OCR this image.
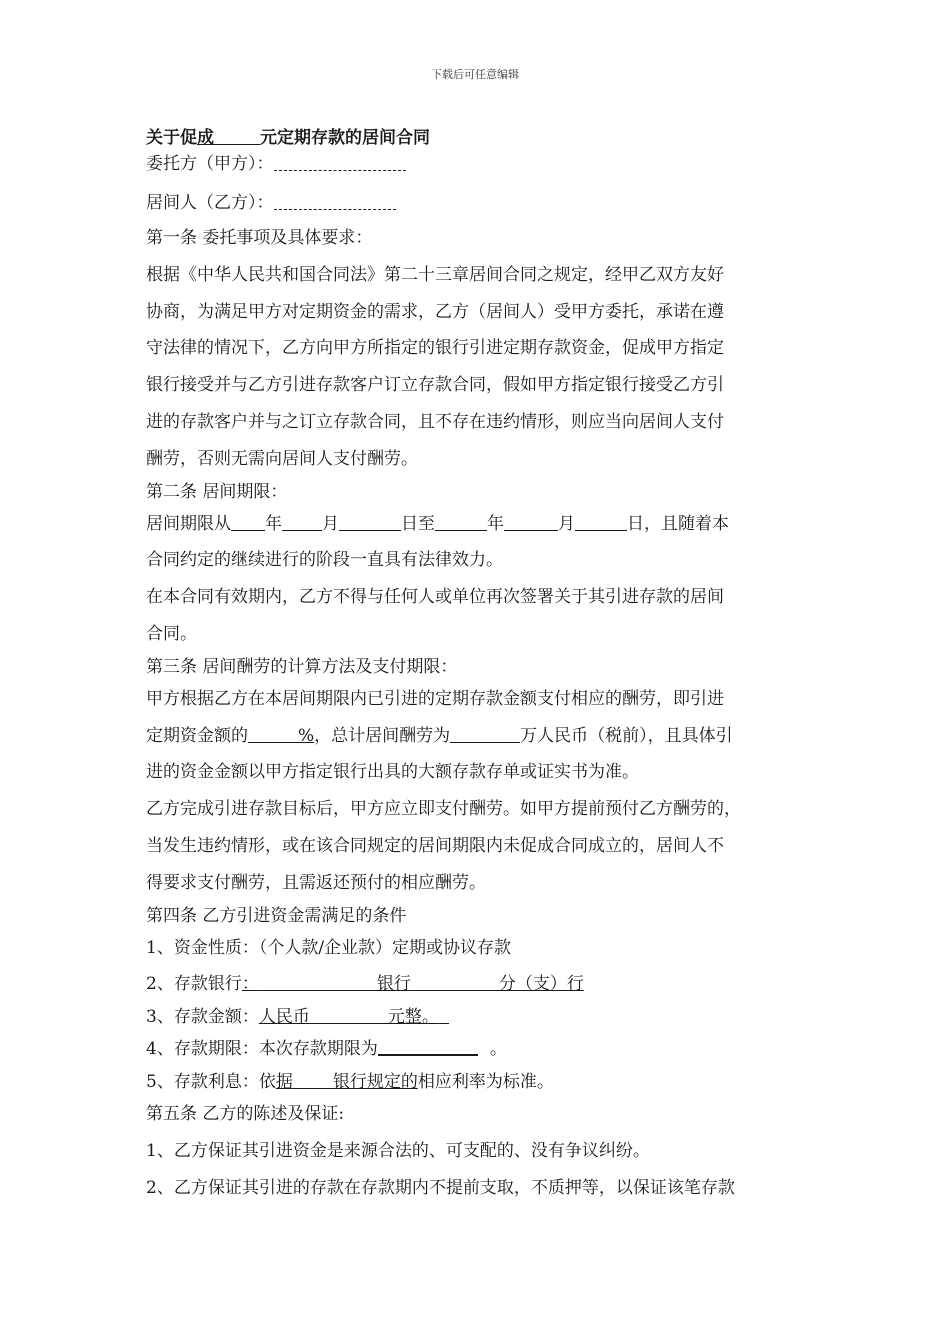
下载后可任意编辑
关于促成	元定期存款的居间合同
委托方（甲方）：
居间人（乙方）：
第一条 委托事项及具体要求：
根据《中华人民共和国合同法》第二十三章居间合同之规定，经甲乙双方友好
协商，为满足甲方对定期资金的需求，乙方（居间人）受甲方委托，承诺在遵
守法律的情况下，乙方向甲方所指定的银行引进定期存款资金，促成甲方指定
银行接受并与乙方引进存款客户订立存款合同，假如甲方指定银行接受乙方引
进的存款客户并与之订立存款合同，且不存在违约情形，则应当向居间人支付
酬劳，否则无需向居间人支付酬劳。
第二条 居间期限：
居间期限从 年 月	日至	年	月	日，且随着本
合同约定的继续进行的阶段一直具有法律效力。
在本合同有效期内，乙方不得与任何人或单位再次签署关于其引进存款的居间
合同。
第三条 居间酬劳的计算方法及支付期限：
甲方根据乙方在本居间期限内已引进的定期存款金额支付相应的酬劳，即引进
定期资金额的	%，总计居间酬劳为	万人民币（税前），且具体引
进的资金金额以甲方指定银行出具的大额存款存单或证实书为准。
乙方完成引进存款目标后，甲方应立即支付酬劳。如甲方提前预付乙方酬劳的，
当发生违约情形，或在该合同规定的居间期限内未促成合同成立的，居间人不
得要求支付酬劳，且需返还预付的相应酬劳。
第四条 乙方引进资金需满足的条件
1、资金性质：（个人款/企业款）定期或协议存款
2、存款银行：	银行	分（支）行
3、存款金额：人民币	元整。
4、存款期限：本次存款期限为	。
5、存款利息：依据 银行规定的相应利率为标准。
第五条 乙方的陈述及保证:
1、乙方保证其引进资金是来源合法的、可支配的、没有争议纠纷。
2、乙方保证其引进的存款在存款期内不提前支取，不质押等，以保证该笔存款
